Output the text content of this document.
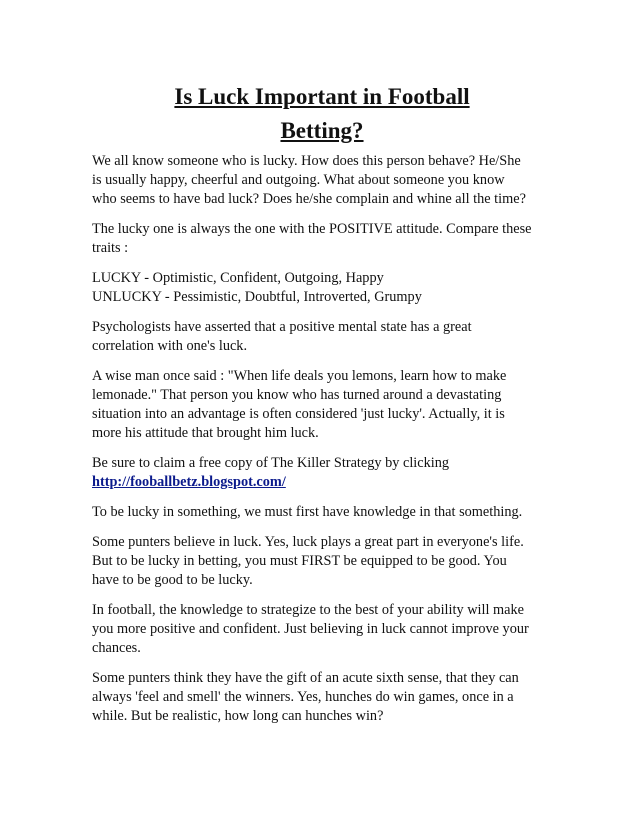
Is Luck Important in Football
Betting?

We all know someone who is lucky. How does this person behave? He/She
is usually happy, cheerful and outgoing. What about someone you know
who seems to have bad luck? Does he/she complain and whine all the time?

The lucky one is always the one with the POSITIVE attitude. Compare these
traits :

LUCKY - Optimistic, Confident, Outgoing, Happy
UNLUCKY - Pessimistic, Doubtful, Introverted, Grumpy

Psychologists have asserted that a positive mental state has a great
correlation with one's luck.

A wise man once said : "When life deals you lemons, learn how to make
lemonade." That person you know who has turned around a devastating
situation into an advantage is often considered 'just lucky'. Actually, it is
more his attitude that brought him luck.

Be sure to claim a free copy of The Killer Strategy by clicking
http://fooballbetz.blogspot.com/

To be lucky in something, we must first have knowledge in that something.

Some punters believe in luck. Yes, luck plays a great part in everyone's life.
But to be lucky in betting, you must FIRST be equipped to be good. You
have to be good to be lucky.

In football, the knowledge to strategize to the best of your ability will make
you more positive and confident. Just believing in luck cannot improve your
chances.

Some punters think they have the gift of an acute sixth sense, that they can
always 'feel and smell' the winners. Yes, hunches do win games, once in a
while. But be realistic, how long can hunches win?
